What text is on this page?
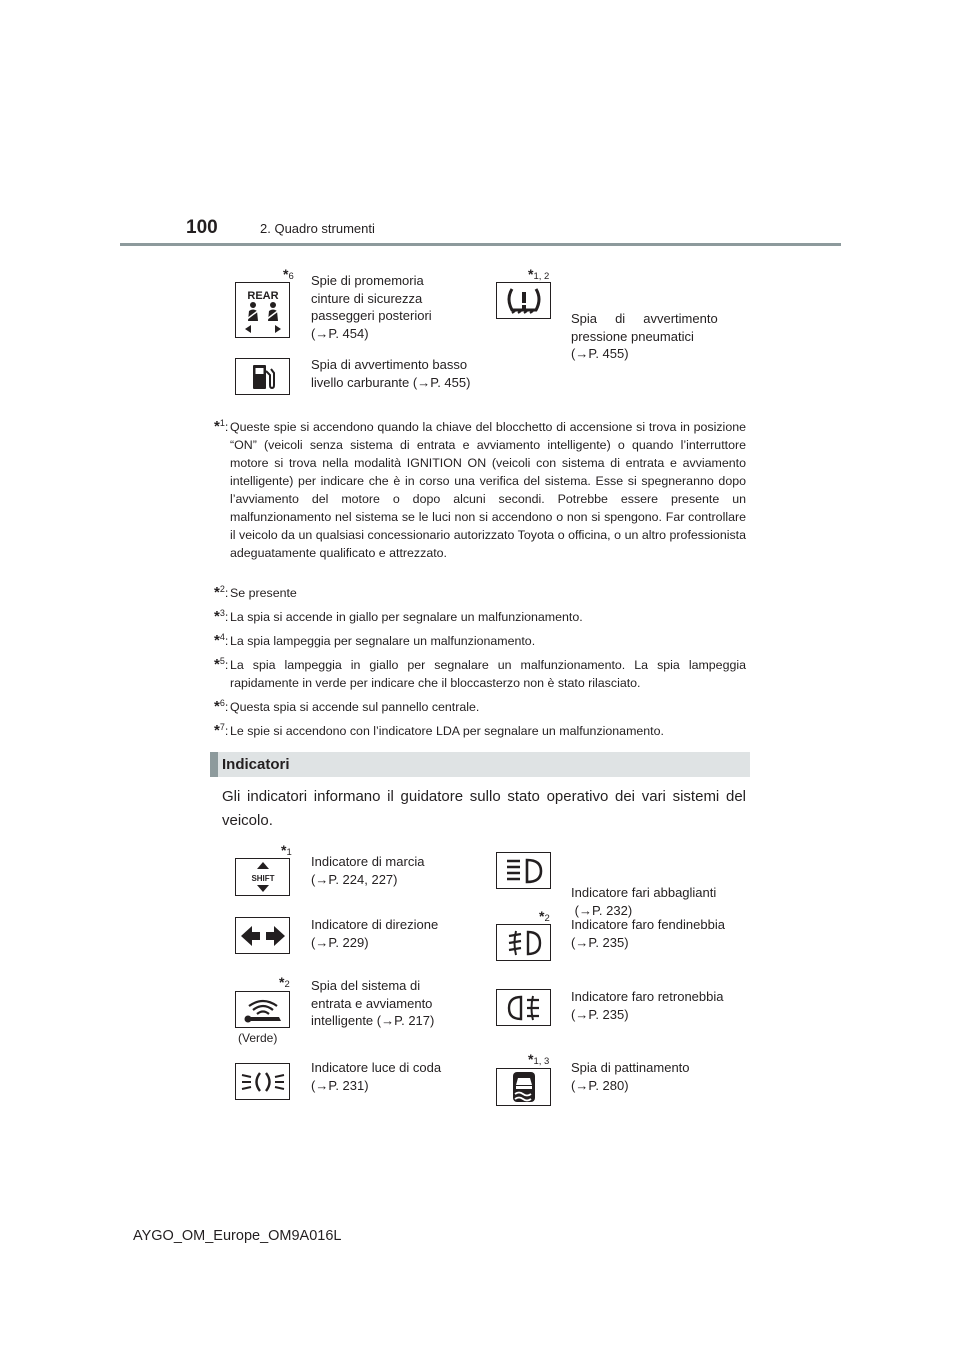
100	2. Quadro strumenti
*6
REAR
Spie di promemoria
cinture di sicurezza
passeggeri posteriori
(→P. 454)
*1, 2

Spia     di     avvertimento
pressione pneumatici
(→P. 455)

Spia di avvertimento basso
livello carburante (→P. 455)
*$^1$: Queste spie si accendono quando la chiave del blocchetto di accensione si trova in posizione “ON” (veicoli senza sistema di entrata e avviamento intelligente) o quando l’interruttore motore si trova nella modalità IGNITION ON (veicoli con sistema di entrata e avviamento intelligente) per indicare che è in corso una verifica del sistema. Esse si spegneranno dopo l’avviamento del motore o dopo alcuni secondi. Potrebbe essere presente un malfunzionamento nel sistema se le luci non si accendono o non si spengono. Far controllare il veicolo da un qualsiasi concessionario autorizzato Toyota o officina, o un altro professionista adeguatamente qualificato e attrezzato.
*$^2$: Se presente
*$^3$: La spia si accende in giallo per segnalare un malfunzionamento.
*$^4$: La spia lampeggia per segnalare un malfunzionamento.
*$^5$: La spia lampeggia in giallo per segnalare un malfunzionamento. La spia lampeggia rapidamente in verde per indicare che il bloccasterzo non è stato rilasciato.
*$^6$: Questa spia si accende sul pannello centrale.
*$^7$: Le spie si accendono con l’indicatore LDA per segnalare un malfunzionamento.
Indicatori
Gli indicatori informano il guidatore sullo stato operativo dei vari sistemi del veicolo.
*1
SHIFT
Indicatore di marcia
(→P. 224, 227)

Indicatore fari abbaglianti
(→P. 232)

Indicatore di direzione
(→P. 229)
*2 Indicatore faro fendinebbia
(→P. 235)
*2
(Verde)
Spia del sistema di
entrata e avviamento
intelligente (→P. 217)
Indicatore faro retronebbia
(→P. 235)
Indicatore luce di coda
(→P. 231)
*1, 3 Spia di pattinamento
(→P. 280)
AYGO_OM_Europe_OM9A016L
